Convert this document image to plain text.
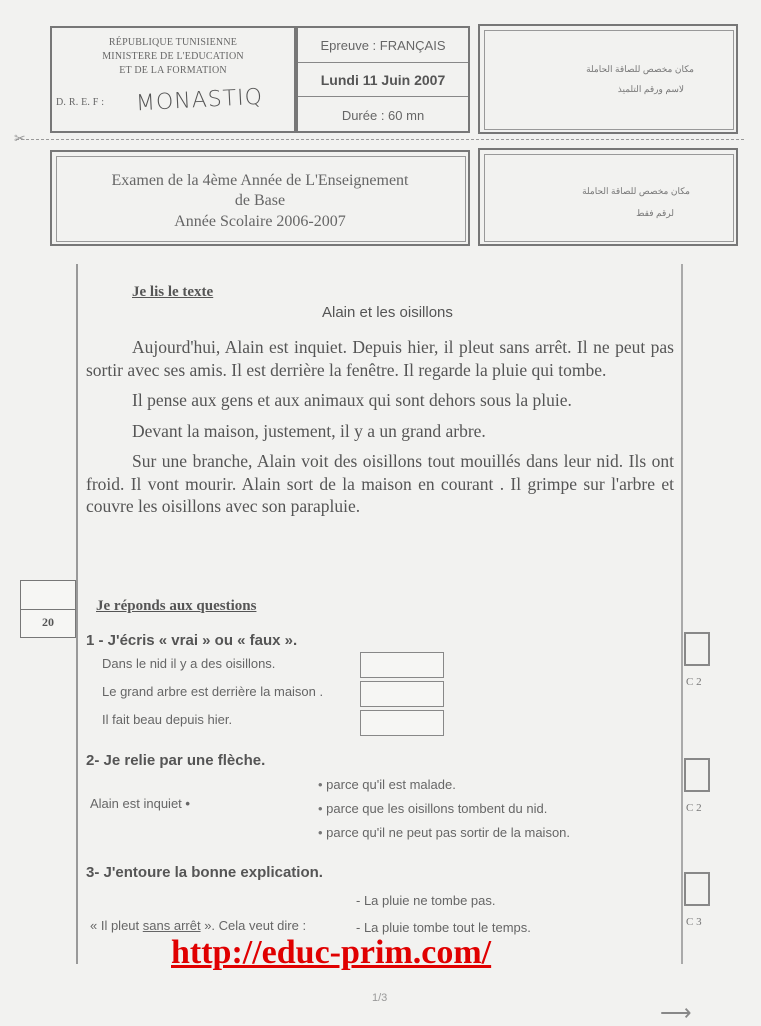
RÉPUBLIQUE TUNISIENNE
MINISTERE DE L'EDUCATION
ET DE LA FORMATION
D. R. E. F : MONASTIQ
Epreuve : FRANÇAIS
Lundi 11 Juin 2007
Durée : 60 mn
مكان مخصص للصاقة الحاملة
لاسم ورقم التلميذ
✂
Examen de la 4ème Année de L'Enseignement
de Base
Année Scolaire 2006-2007
مكان مخصص للصاقة الحاملة
لرقم فقط
Je lis le texte
Alain et les oisillons

Aujourd'hui, Alain est inquiet. Depuis hier, il pleut sans arrêt. Il ne peut pas sortir avec ses amis. Il est derrière la fenêtre. Il regarde la pluie qui tombe.

Il pense aux gens et aux animaux qui sont dehors sous la pluie.

Devant la maison, justement, il y a un grand arbre.

Sur une branche, Alain voit des oisillons tout mouillés dans leur nid. Ils ont froid. Il vont mourir. Alain sort de la maison en courant . Il grimpe sur l'arbre et couvre les oisillons avec son parapluie.

20
Je réponds aux questions
1 - J'écris « vrai » ou « faux ».
Dans le nid il y a des oisillons.
Le grand arbre est derrière la maison .
Il fait beau depuis hier.
C 2
2- Je relie par une flèche.
Alain est inquiet •
• parce qu'il est malade.
• parce que les oisillons tombent du nid.
• parce qu'il ne peut pas sortir de la maison.
C 2
3- J'entoure la bonne explication.
« Il pleut sans arrêt ». Cela veut dire :
- La pluie ne tombe pas.
- La pluie tombe tout le temps.	C 3
http://educ-prim.com/
1/3
⟶
